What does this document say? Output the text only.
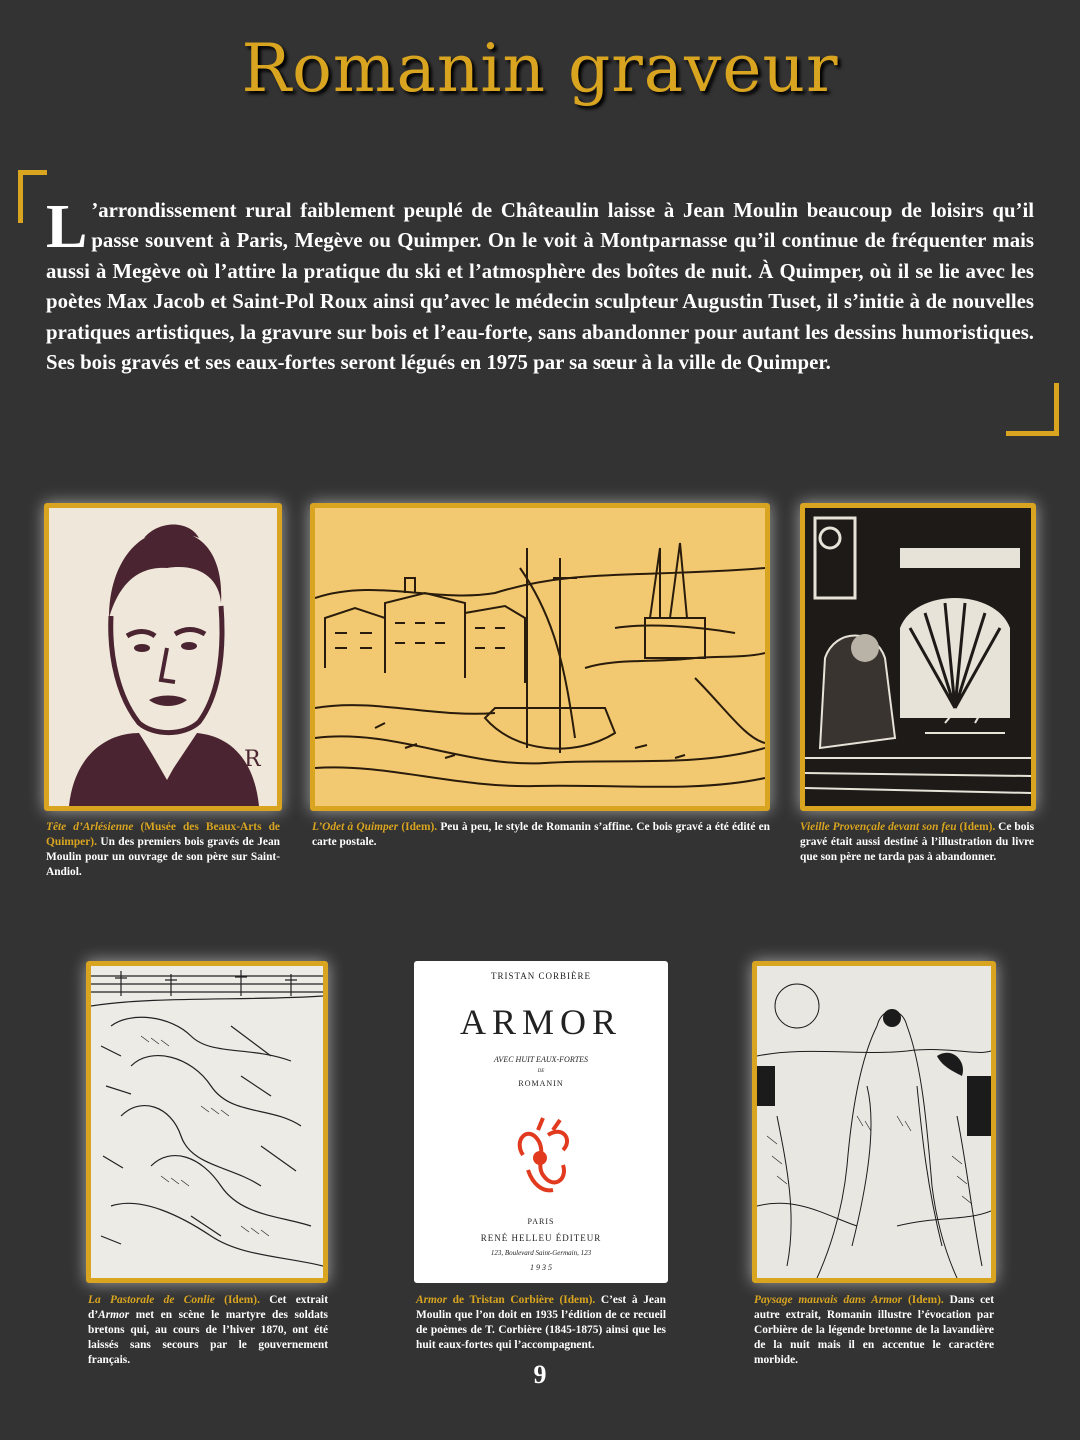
Romanin graveur

L ’arrondissement rural faiblement peuplé de Châteaulin laisse à Jean Moulin beaucoup de loisirs qu’il passe souvent à Paris, Megève ou Quimper. On le voit à Montparnasse qu’il continue de fréquenter mais aussi à Megève où l’attire la pratique du ski et l’atmosphère des boîtes de nuit. À Quimper, où il se lie avec les poètes Max Jacob et Saint-Pol Roux ainsi qu’avec le médecin sculpteur Augustin Tuset, il s’initie à de nouvelles pratiques artistiques, la gravure sur bois et l’eau-forte, sans abandonner pour autant les dessins humoristiques. Ses bois gravés et ses eaux-fortes seront légués en 1975 par sa sœur à la ville de Quimper.

R

Tête d’Arlésienne (Musée des Beaux-Arts de Quimper). Un des premiers bois gravés de Jean Moulin pour un ouvrage de son père sur Saint-Andiol.

L’Odet à Quimper (Idem). Peu à peu, le style de Romanin s’affine. Ce bois gravé a été édité en carte postale.

Vieille Provençale devant son feu (Idem). Ce bois gravé était aussi destiné à l’illustration du livre que son père ne tarda pas à abandonner.

La Pastorale de Conlie (Idem). Cet extrait d’Armor met en scène le martyre des soldats bretons qui, au cours de l’hiver 1870, ont été laissés sans secours par le gouvernement français.

TRISTAN CORBIÈRE
ARMOR
AVEC HUIT EAUX-FORTES
DE
ROMANIN
PARIS
RENÉ HELLEU ÉDITEUR
123, Boulevard Saint-Germain, 123
1 9 3 5

Armor de Tristan Corbière (Idem). C’est à Jean Moulin que l’on doit en 1935 l’édition de ce recueil de poèmes de T. Corbière (1845-1875) ainsi que les huit eaux-fortes qui l’accompagnent.

Paysage mauvais dans Armor (Idem). Dans cet autre extrait, Romanin illustre l’évocation par Corbière de la légende bretonne de la lavandière de la nuit mais il en accentue le caractère morbide.

9
